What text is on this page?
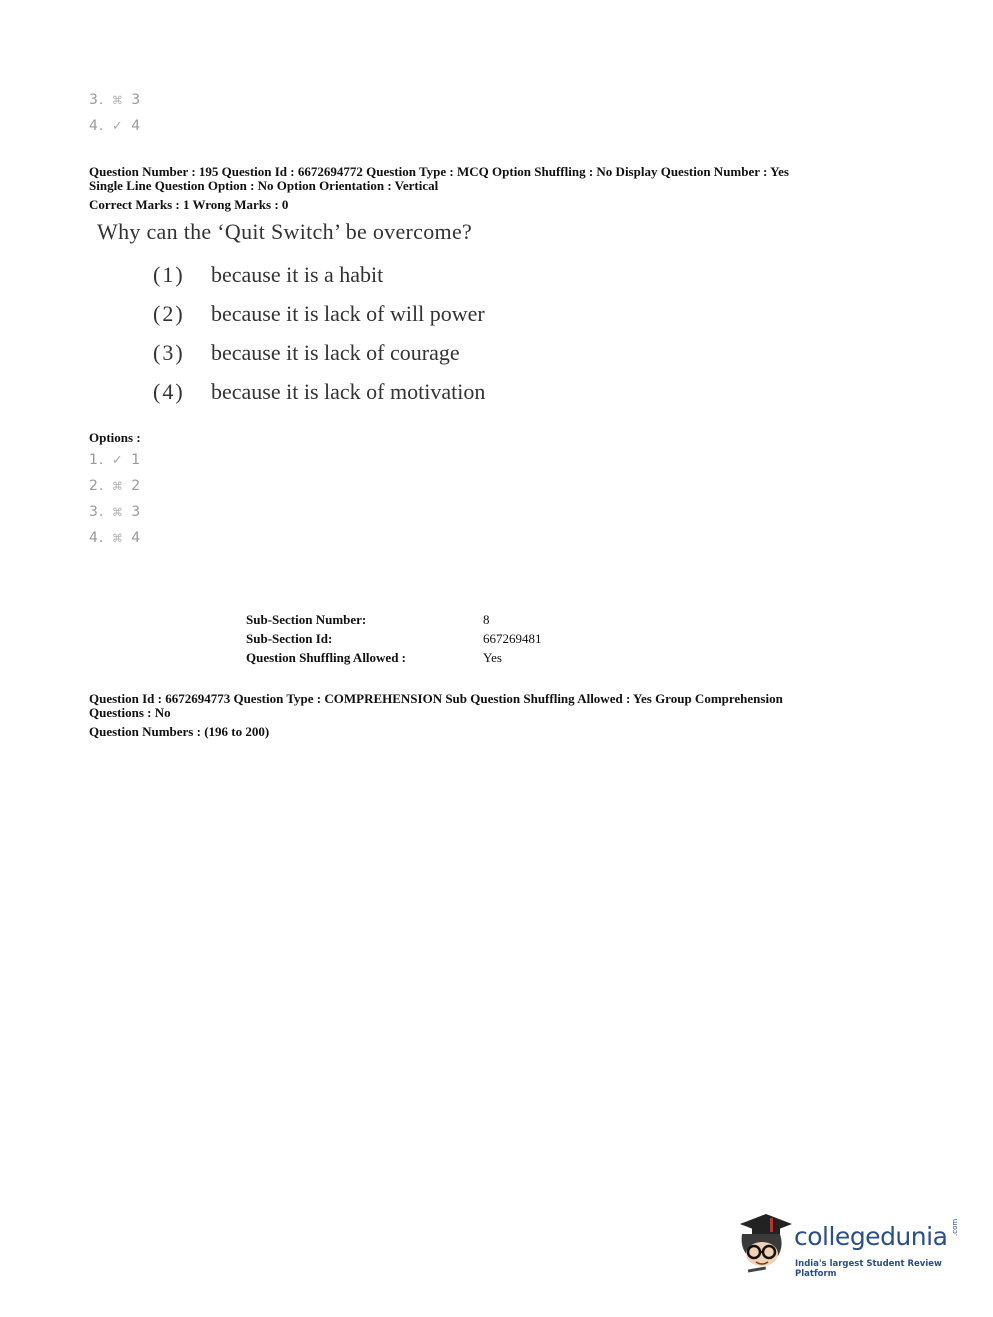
3. ⌘ 3
4. ✓ 4
Question Number : 195 Question Id : 6672694772 Question Type : MCQ Option Shuffling : No Display Question Number : Yes
Single Line Question Option : No Option Orientation : Vertical
Correct Marks : 1 Wrong Marks : 0
Why can the ‘Quit Switch’ be overcome?
(1) because it is a habit
(2) because it is lack of will power
(3) because it is lack of courage
(4) because it is lack of motivation
Options :
1. ✓ 1
2. ⌘ 2
3. ⌘ 3
4. ⌘ 4
Sub-Section Number:	8
Sub-Section Id:	667269481
Question Shuffling Allowed :	Yes
Question Id : 6672694773 Question Type : COMPREHENSION Sub Question Shuffling Allowed : Yes Group Comprehension
Questions : No
Question Numbers : (196 to 200)
collegedunia .com
India's largest Student Review Platform
